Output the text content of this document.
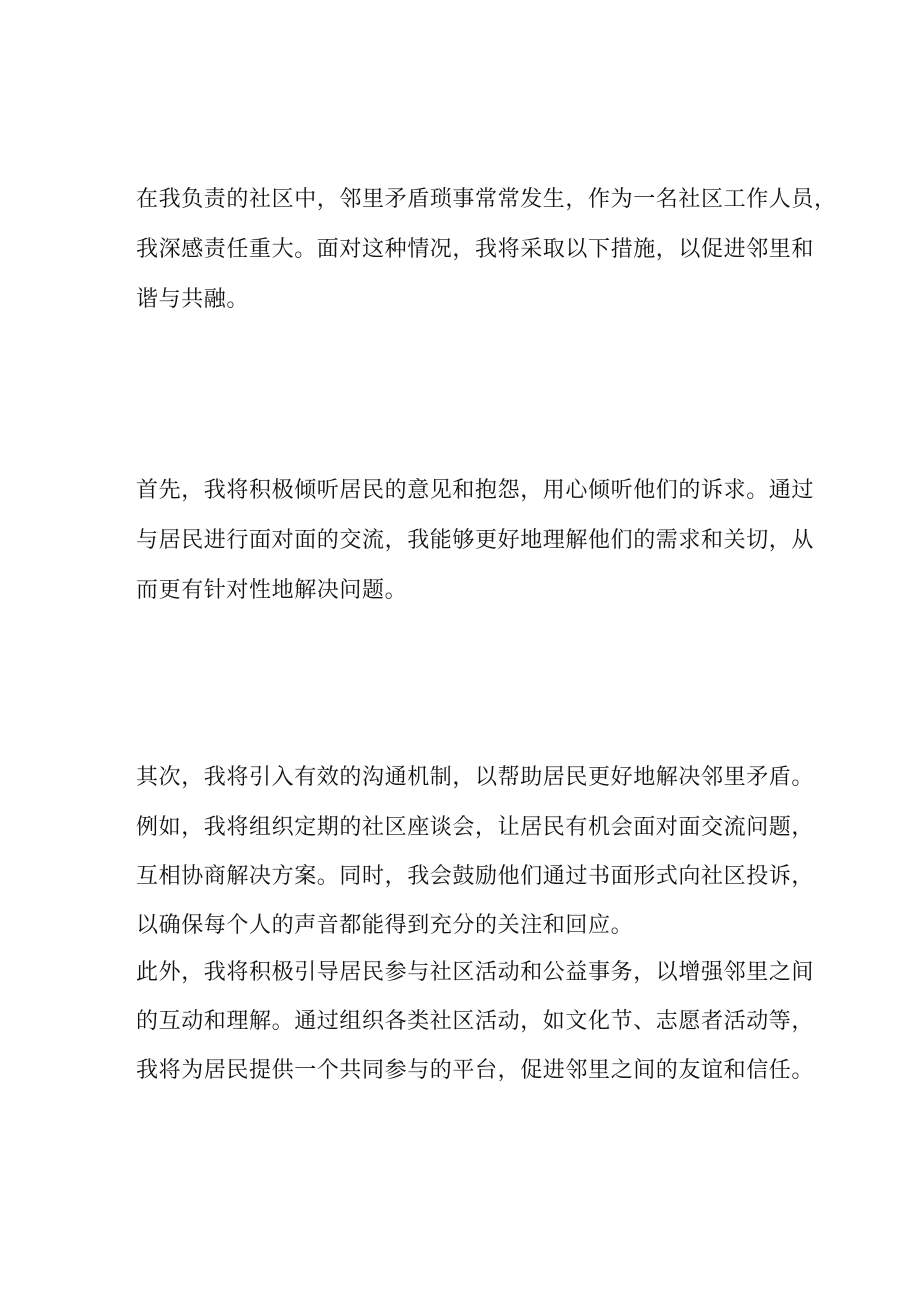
在我负责的社区中，邻里矛盾琐事常常发生，作为一名社区工作人员，
我深感责任重大。面对这种情况，我将采取以下措施，以促进邻里和
谐与共融。
首先，我将积极倾听居民的意见和抱怨，用心倾听他们的诉求。通过
与居民进行面对面的交流，我能够更好地理解他们的需求和关切，从
而更有针对性地解决问题。
其次，我将引入有效的沟通机制，以帮助居民更好地解决邻里矛盾。
例如，我将组织定期的社区座谈会，让居民有机会面对面交流问题，
互相协商解决方案。同时，我会鼓励他们通过书面形式向社区投诉，
以确保每个人的声音都能得到充分的关注和回应。
此外，我将积极引导居民参与社区活动和公益事务，以增强邻里之间
的互动和理解。通过组织各类社区活动，如文化节、志愿者活动等，
我将为居民提供一个共同参与的平台，促进邻里之间的友谊和信任。
